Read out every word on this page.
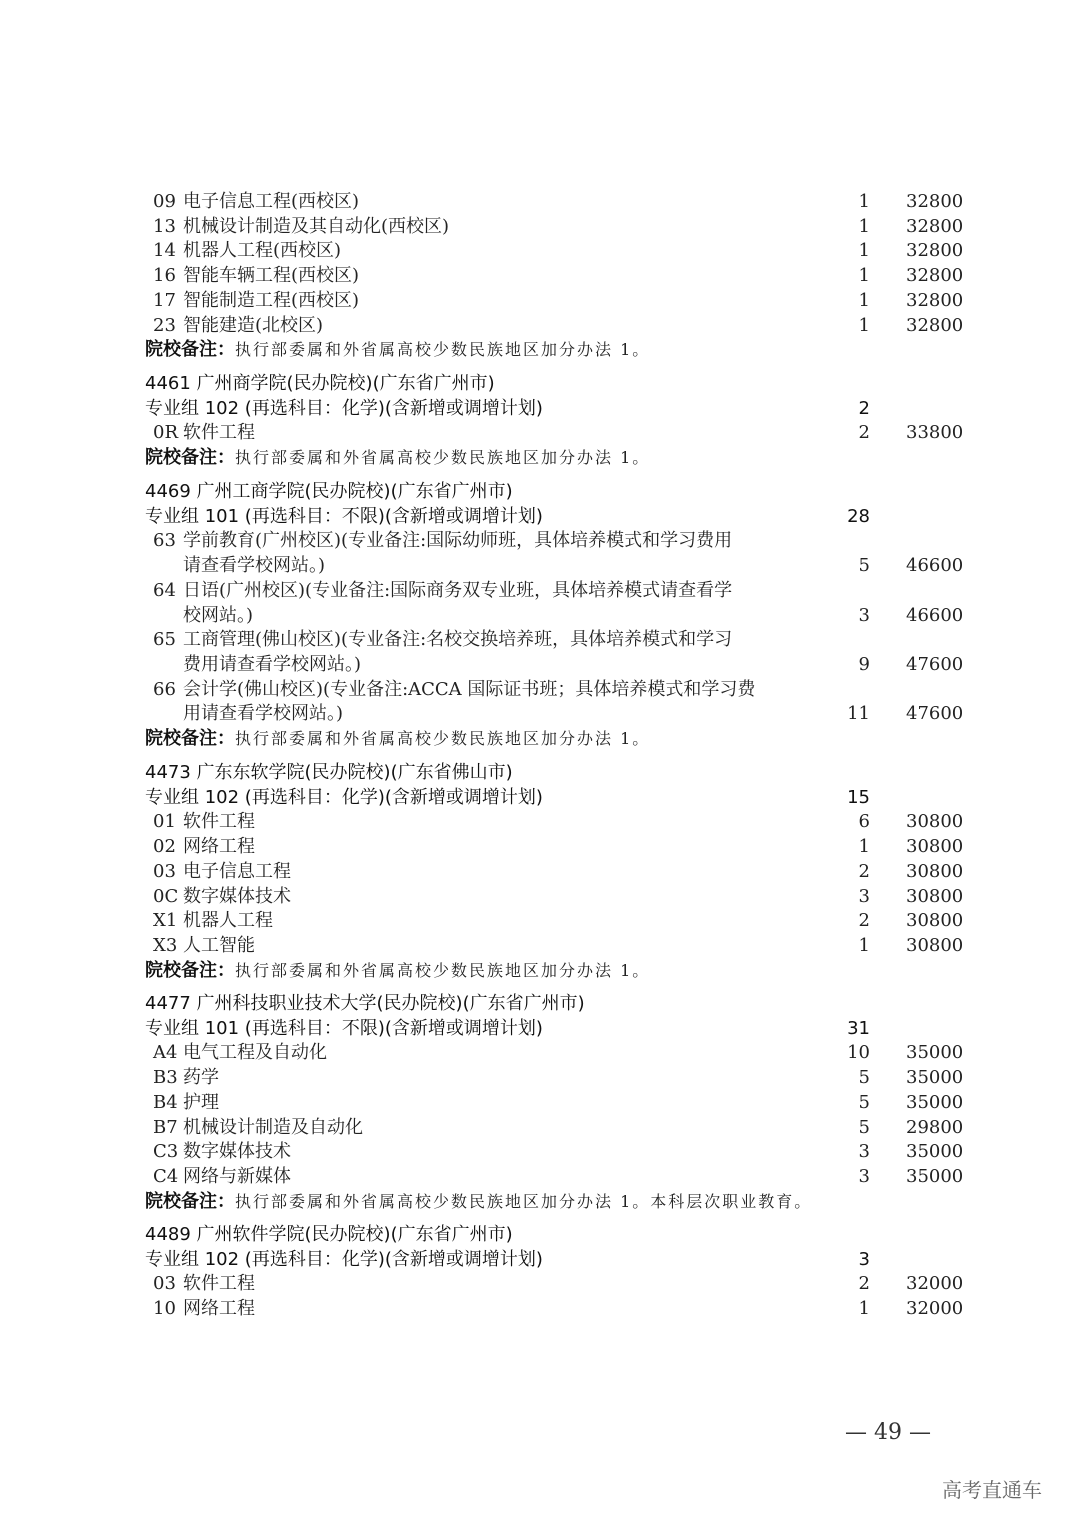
09 电子信息工程(西校区)	1 32800
13 机械设计制造及其自动化(西校区)	1 32800
14 机器人工程(西校区)	1 32800
16 智能车辆工程(西校区)	1 32800
17 智能制造工程(西校区)	1 32800
23 智能建造(北校区)	1 32800
院校备注：执行部委属和外省属高校少数民族地区加分办法 1。
4461 广州商学院(民办院校)(广东省广州市)
专业组 102 (再选科目：化学)(含新增或调增计划)	2
0R 软件工程	2 33800
院校备注：执行部委属和外省属高校少数民族地区加分办法 1。
4469 广州工商学院(民办院校)(广东省广州市)
专业组 101 (再选科目：不限)(含新增或调增计划)	28
63 学前教育(广州校区)(专业备注:国际幼师班，具体培养模式和学习费用
请查看学校网站。)	5 46600
64 日语(广州校区)(专业备注:国际商务双专业班，具体培养模式请查看学
校网站。)	3 46600
65 工商管理(佛山校区)(专业备注:名校交换培养班，具体培养模式和学习
费用请查看学校网站。)	9 47600
66 会计学(佛山校区)(专业备注:ACCA 国际证书班；具体培养模式和学习费
用请查看学校网站。)	11 47600
院校备注：执行部委属和外省属高校少数民族地区加分办法 1。
4473 广东东软学院(民办院校)(广东省佛山市)
专业组 102 (再选科目：化学)(含新增或调增计划)	15
01 软件工程	6 30800
02 网络工程	1 30800
03 电子信息工程	2 30800
0C 数字媒体技术	3 30800
X1 机器人工程	2 30800
X3 人工智能	1 30800
院校备注：执行部委属和外省属高校少数民族地区加分办法 1。
4477 广州科技职业技术大学(民办院校)(广东省广州市)
专业组 101 (再选科目：不限)(含新增或调增计划)	31
A4 电气工程及自动化	10 35000
B3 药学	5 35000
B4 护理	5 35000
B7 机械设计制造及自动化	5 29800
C3 数字媒体技术	3 35000
C4 网络与新媒体	3 35000
院校备注：执行部委属和外省属高校少数民族地区加分办法 1。本科层次职业教育。
4489 广州软件学院(民办院校)(广东省广州市)
专业组 102 (再选科目：化学)(含新增或调增计划)	3
03 软件工程	2 32000
10 网络工程	1 32000
— 49 —
高考直通车
